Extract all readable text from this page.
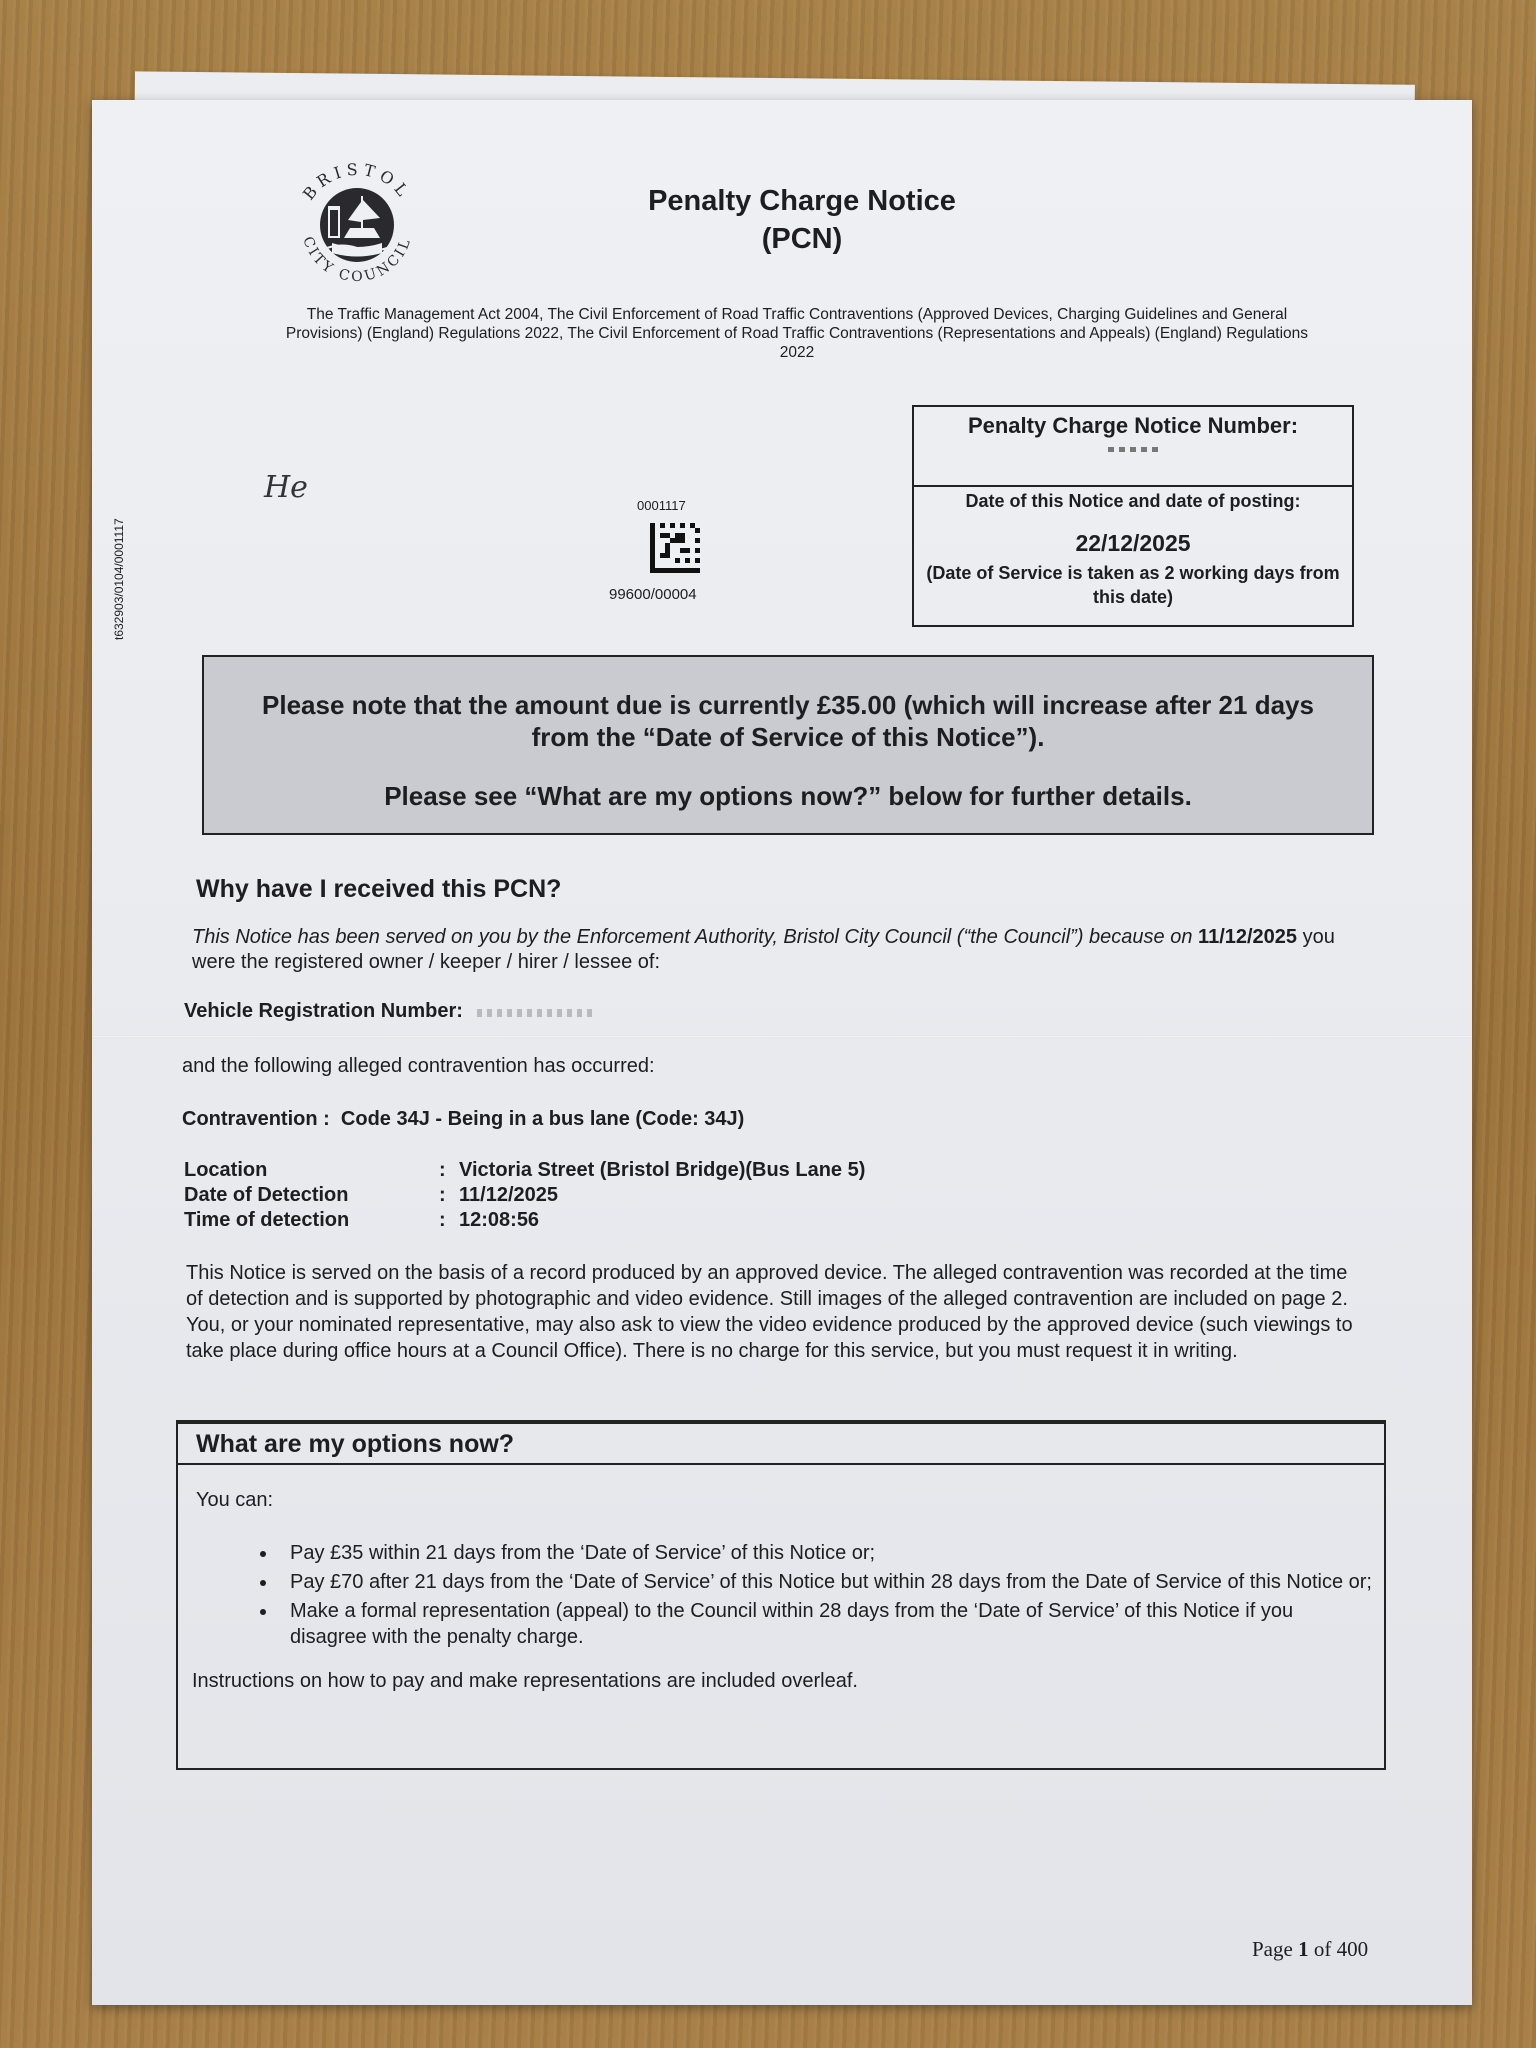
BRISTOL
CITY COUNCIL
Penalty Charge Notice
(PCN)
The Traffic Management Act 2004, The Civil Enforcement of Road Traffic Contraventions (Approved Devices, Charging Guidelines and General Provisions) (England) Regulations 2022, The Civil Enforcement of Road Traffic Contraventions (Representations and Appeals) (England) Regulations 2022
t632903/0104/0001117
He
0001117
99600/00004
Penalty Charge Notice Number:
Date of this Notice and date of posting:
22/12/2025
(Date of Service is taken as 2 working days from this date)
Please note that the amount due is currently £35.00 (which will increase after 21 days from the “Date of Service of this Notice”).
Please see “What are my options now?” below for further details.
Why have I received this PCN?
This Notice has been served on you by the Enforcement Authority, Bristol City Council (“the Council”) because on 11/12/2025 you were the registered owner / keeper / hirer / lessee of:
Vehicle Registration Number:
and the following alleged contravention has occurred:
Contravention :  Code 34J - Being in a bus lane (Code: 34J)
Location	: Victoria Street (Bristol Bridge)(Bus Lane 5)
Date of Detection	: 11/12/2025
Time of detection	: 12:08:56
This Notice is served on the basis of a record produced by an approved device. The alleged contravention was recorded at the time of detection and is supported by photographic and video evidence. Still images of the alleged contravention are included on page 2. You, or your nominated representative, may also ask to view the video evidence produced by the approved device (such viewings to take place during office hours at a Council Office). There is no charge for this service, but you must request it in writing.
What are my options now?
You can:
• Pay £35 within 21 days from the ‘Date of Service’ of this Notice or;
• Pay £70 after 21 days from the ‘Date of Service’ of this Notice but within 28 days from the Date of Service of this Notice or;
• Make a formal representation (appeal) to the Council within 28 days from the ‘Date of Service’ of this Notice if you disagree with the penalty charge.
Instructions on how to pay and make representations are included overleaf.
Page 1 of 400
